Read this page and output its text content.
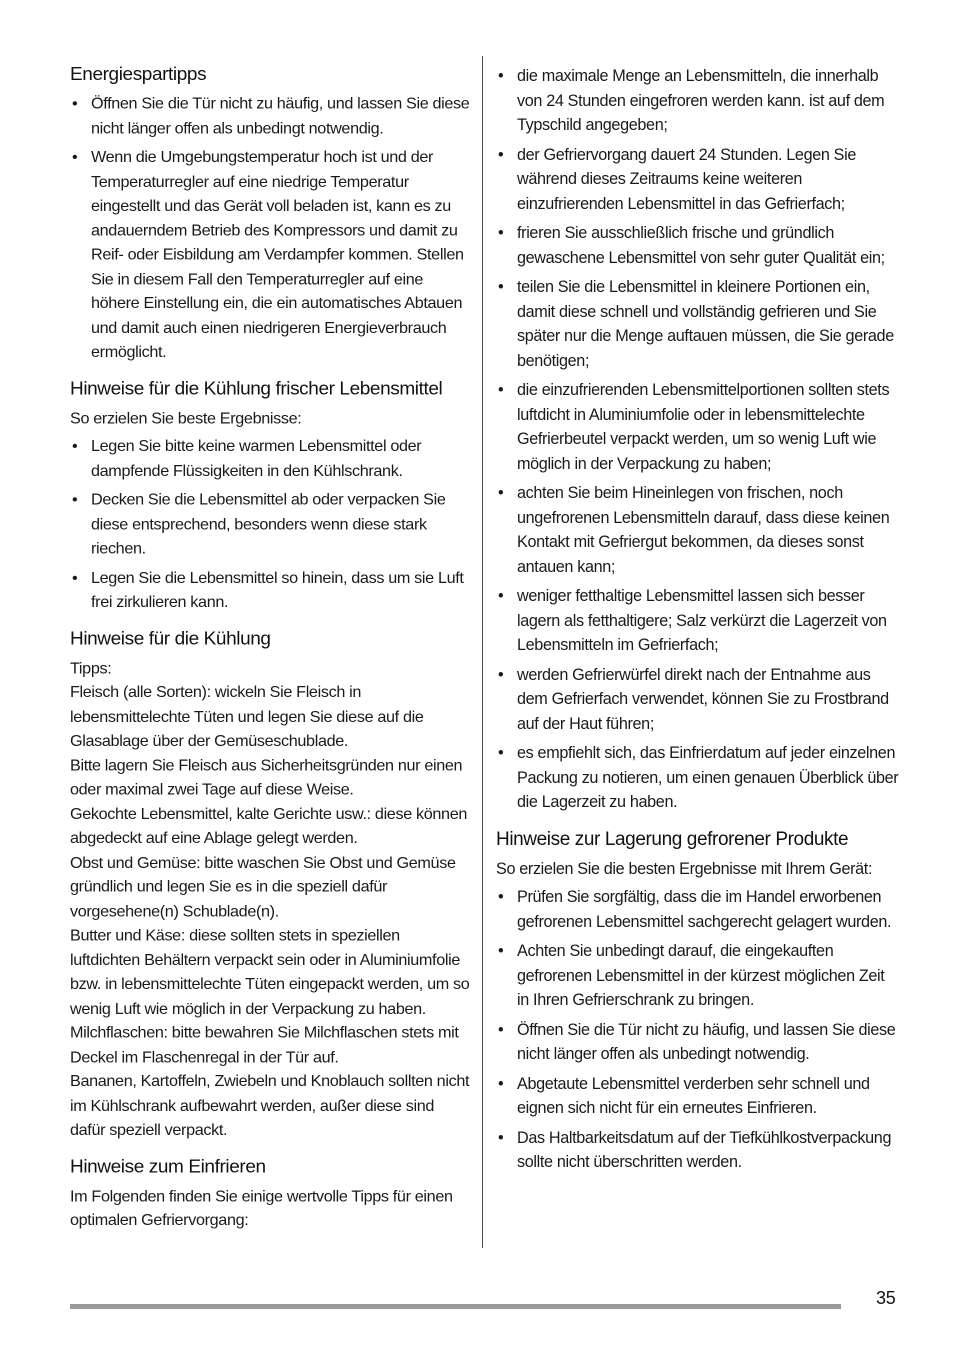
Energiespartipps
• Öffnen Sie die Tür nicht zu häufig, und lassen Sie diese nicht länger offen als unbedingt notwendig.
• Wenn die Umgebungstemperatur hoch ist und der Temperaturregler auf eine niedrige Temperatur eingestellt und das Gerät voll beladen ist, kann es zu andauerndem Betrieb des Kompressors und damit zu Reif- oder Eisbildung am Verdampfer kommen. Stellen Sie in diesem Fall den Temperaturregler auf eine höhere Einstellung ein, die ein automatisches Abtauen und damit auch einen niedrigeren Energieverbrauch ermöglicht.
Hinweise für die Kühlung frischer Lebensmittel

So erzielen Sie beste Ergebnisse:

• Legen Sie bitte keine warmen Lebensmittel oder dampfende Flüssigkeiten in den Kühlschrank.
• Decken Sie die Lebensmittel ab oder verpacken Sie diese entsprechend, besonders wenn diese stark riechen.
• Legen Sie die Lebensmittel so hinein, dass um sie Luft frei zirkulieren kann.
Hinweise für die Kühlung

Tipps:

Fleisch (alle Sorten): wickeln Sie Fleisch in lebensmittelechte Tüten und legen Sie diese auf die Glasablage über der Gemüseschublade.

Bitte lagern Sie Fleisch aus Sicherheitsgründen nur einen oder maximal zwei Tage auf diese Weise.

Gekochte Lebensmittel, kalte Gerichte usw.: diese können abgedeckt auf eine Ablage gelegt werden.

Obst und Gemüse: bitte waschen Sie Obst und Gemüse gründlich und legen Sie es in die speziell dafür vorgesehene(n) Schublade(n).

Butter und Käse: diese sollten stets in speziellen luftdichten Behältern verpackt sein oder in Aluminiumfolie bzw. in lebensmittelechte Tüten eingepackt werden, um so wenig Luft wie möglich in der Verpackung zu haben.

Milchflaschen: bitte bewahren Sie Milchflaschen stets mit Deckel im Flaschenregal in der Tür auf.

Bananen, Kartoffeln, Zwiebeln und Knoblauch sollten nicht im Kühlschrank aufbewahrt werden, außer diese sind dafür speziell verpackt.

Hinweise zum Einfrieren

Im Folgenden finden Sie einige wertvolle Tipps für einen optimalen Gefriervorgang:

• die maximale Menge an Lebensmitteln, die innerhalb von 24 Stunden eingefroren werden kann. ist auf dem Typschild angegeben;
• der Gefriervorgang dauert 24 Stunden. Legen Sie während dieses Zeitraums keine weiteren einzufrierenden Lebensmittel in das Gefrierfach;
• frieren Sie ausschließlich frische und gründlich gewaschene Lebensmittel von sehr guter Qualität ein;
• teilen Sie die Lebensmittel in kleinere Portionen ein, damit diese schnell und vollständig gefrieren und Sie später nur die Menge auftauen müssen, die Sie gerade benötigen;
• die einzufrierenden Lebensmittelportionen sollten stets luftdicht in Aluminiumfolie oder in lebensmittelechte Gefrierbeutel verpackt werden, um so wenig Luft wie möglich in der Verpackung zu haben;
• achten Sie beim Hineinlegen von frischen, noch ungefrorenen Lebensmitteln darauf, dass diese keinen Kontakt mit Gefriergut bekommen, da dieses sonst antauen kann;
• weniger fetthaltige Lebensmittel lassen sich besser lagern als fetthaltigere; Salz verkürzt die Lagerzeit von Lebensmitteln im Gefrierfach;
• werden Gefrierwürfel direkt nach der Entnahme aus dem Gefrierfach verwendet, können Sie zu Frostbrand auf der Haut führen;
• es empfiehlt sich, das Einfrierdatum auf jeder einzelnen Packung zu notieren, um einen genauen Überblick über die Lagerzeit zu haben.
Hinweise zur Lagerung gefrorener Produkte

So erzielen Sie die besten Ergebnisse mit Ihrem Gerät:

• Prüfen Sie sorgfältig, dass die im Handel erworbenen gefrorenen Lebensmittel sachgerecht gelagert wurden.
• Achten Sie unbedingt darauf, die eingekauften gefrorenen Lebensmittel in der kürzest möglichen Zeit in Ihren Gefrierschrank zu bringen.
• Öffnen Sie die Tür nicht zu häufig, und lassen Sie diese nicht länger offen als unbedingt notwendig.
• Abgetaute Lebensmittel verderben sehr schnell und eignen sich nicht für ein erneutes Einfrieren.
• Das Haltbarkeitsdatum auf der Tiefkühlkostverpackung sollte nicht überschritten werden.
35
